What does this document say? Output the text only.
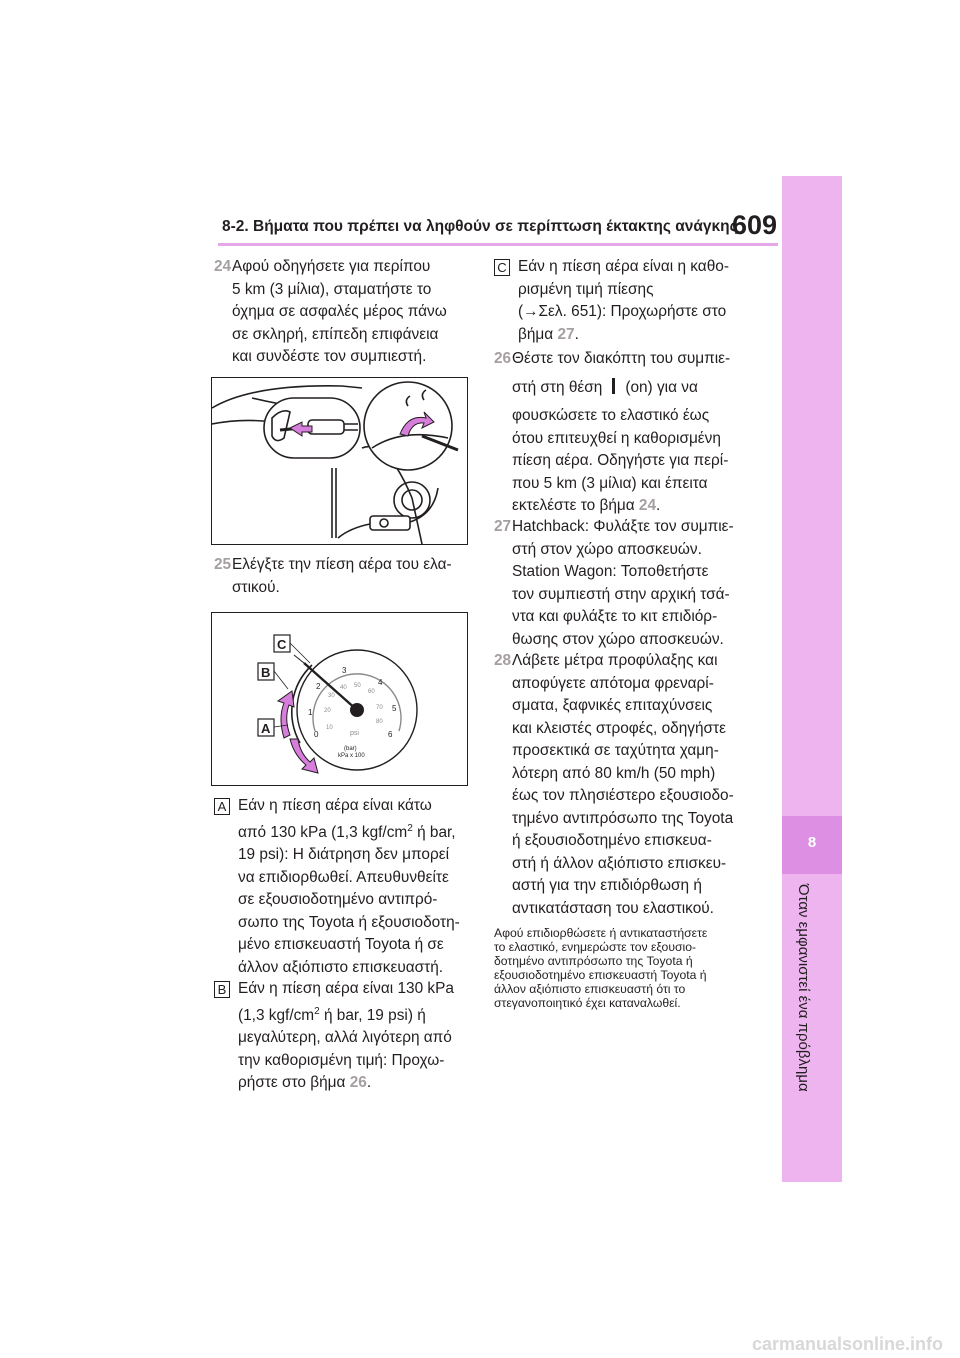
8-2. Βήματα που πρέπει να ληφθούν σε περίπτωση έκτακτης ανάγκης
609
8
Όταν εμφανιστεί ένα πρόβλημα
24 Αφού οδηγήσετε για περίπου
5 km (3 μίλια), σταματήστε το
όχημα σε ασφαλές μέρος πάνω
σε σκληρή, επίπεδη επιφάνεια
και συνδέστε τον συμπιεστή.
25 Ελέγξτε την πίεση αέρα του ελα-
στικού.
0
1
2
3
4
5
6
10
20
30
40 50
60
70
80
psi
(bar)
kPa x 100
C
B
A
A Εάν η πίεση αέρα είναι κάτω
από 130 kPa (1,3 kgf/$cm^2$ ή bar,
19 psi): Η διάτρηση δεν μπορεί
να επιδιορθωθεί. Απευθυνθείτε
σε εξουσιοδοτημένο αντιπρό-
σωπο της Toyota ή εξουσιοδοτη-
μένο επισκευαστή Toyota ή σε
άλλον αξιόπιστο επισκευαστή.
B Εάν η πίεση αέρα είναι 130 kPa
(1,3 kgf/$cm^2$ ή bar, 19 psi) ή
μεγαλύτερη, αλλά λιγότερη από
την καθορισμένη τιμή: Προχω-
ρήστε στο βήμα 26.
C Εάν η πίεση αέρα είναι η καθο-
ρισμένη τιμή πίεσης
(→Σελ. 651): Προχωρήστε στο
βήμα 27.
26 Θέστε τον διακόπτη του συμπιε-
στή στη θέση (on) για να
φουσκώσετε το ελαστικό έως
ότου επιτευχθεί η καθορισμένη
πίεση αέρα. Οδηγήστε για περί-
που 5 km (3 μίλια) και έπειτα
εκτελέστε το βήμα 24.
27 Hatchback: Φυλάξτε τον συμπιε-
στή στον χώρο αποσκευών.
Station Wagon: Τοποθετήστε
τον συμπιεστή στην αρχική τσά-
ντα και φυλάξτε το κιτ επιδιόρ-
θωσης στον χώρο αποσκευών.
28 Λάβετε μέτρα προφύλαξης και
αποφύγετε απότομα φρεναρί-
σματα, ξαφνικές επιταχύνσεις
και κλειστές στροφές, οδηγήστε
προσεκτικά σε ταχύτητα χαμη-
λότερη από 80 km/h (50 mph)
έως τον πλησιέστερο εξουσιοδο-
τημένο αντιπρόσωπο της Toyota
ή εξουσιοδοτημένο επισκευα-
στή ή άλλον αξιόπιστο επισκευ-
αστή για την επιδιόρθωση ή
αντικατάσταση του ελαστικού.
Αφού επιδιορθώσετε ή αντικαταστήσετε
το ελαστικό, ενημερώστε τον εξουσιο-
δοτημένο αντιπρόσωπο της Toyota ή
εξουσιοδοτημένο επισκευαστή Toyota ή
άλλον αξιόπιστο επισκευαστή ότι το
στεγανοποιητικό έχει καταναλωθεί.
carmanualsonline.info
